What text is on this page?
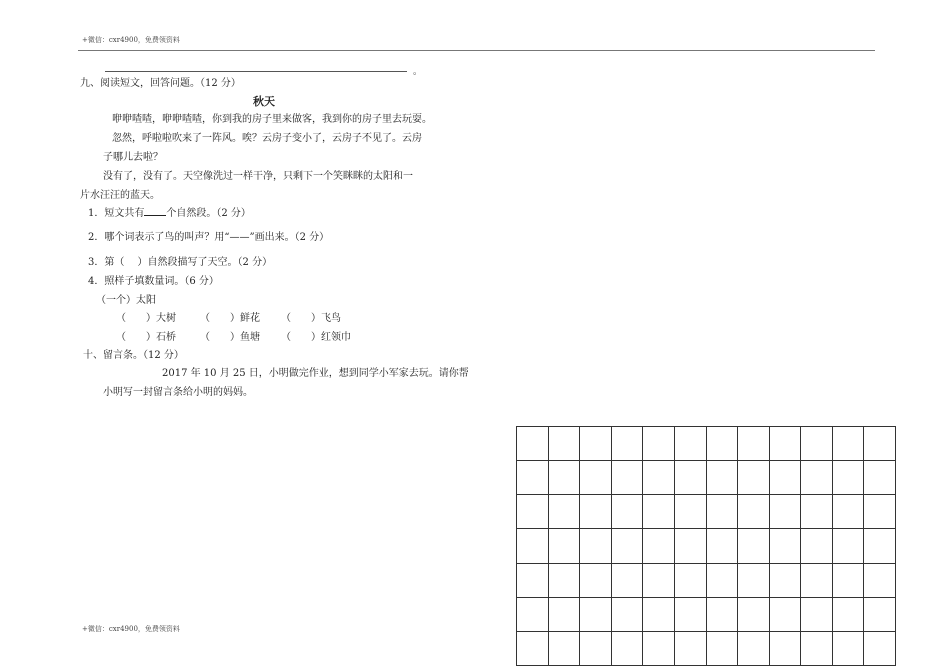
+微信：cxr4900，免费领资料
。
九、阅读短文，回答问题。（12 分）
秋天
咿咿喳喳，咿咿喳喳，你到我的房子里来做客，我到你的房子里去玩耍。
忽然，呼啦啦吹来了一阵风。唉？云房子变小了，云房子不见了。云房
子哪儿去啦？
没有了，没有了。天空像洗过一样干净，只剩下一个笑眯眯的太阳和一
片水汪汪的蓝天。
1．短文共有 个自然段。（2 分）
2．哪个词表示了鸟的叫声？用“——”画出来。（2 分）
3．第（　 ）自然段描写了天空。（2 分）
4．照样子填数量词。（6 分）
（一个）太阳
（　　）大树 （　　）鲜花 （　　）飞鸟
（　　）石桥 （　　）鱼塘 （　　）红领巾
十、留言条。（12 分）
2017 年 10 月 25 日，小明做完作业，想到同学小军家去玩。请你帮
小明写一封留言条给小明的妈妈。
+微信：cxr4900，免费领资料
